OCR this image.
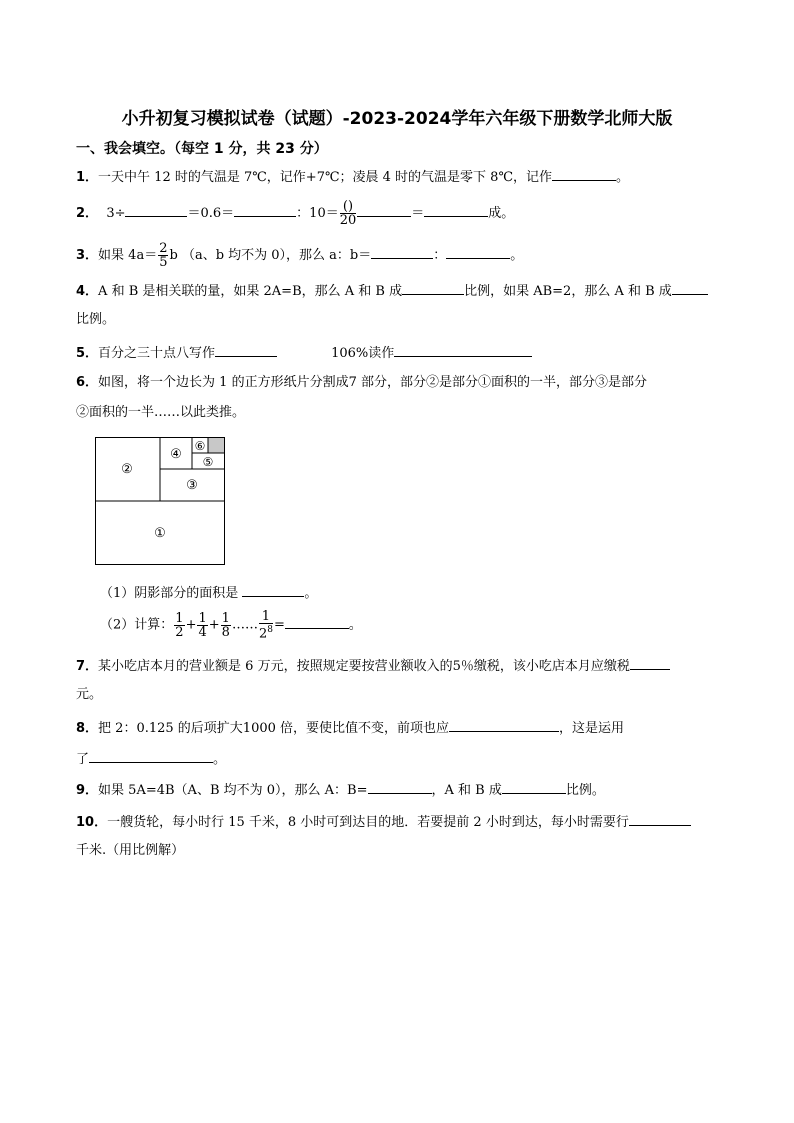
小升初复习模拟试卷（试题）-2023-2024学年六年级下册数学北师大版
一、我会填空。（每空 1 分，共 23 分）
1．一天中午 12 时的气温是 7℃，记作+7℃；凌晨 4 时的气温是零下 8℃，记作	。
2． 3÷	＝0.6＝	：$10= \frac{()}{20}$	＝	成。
3．如果 $4a= \frac{2}{5}$ b （a、b 均不为 0），那么 a：b＝	：	。
4．A 和 B 是相关联的量，如果 2A=B，那么 A 和 B 成	比例，如果 AB=2，那么 A 和 B 成
比例。
5．百分之三十点八写作	106%读作
6．如图，将一个边长为 1 的正方形纸片分割成7 部分，部分②是部分①面积的一半，部分③是部分
②面积的一半……以此类推。
①
②
③
④ ⑤
⑥
（1）阴影部分的面积是	。
（2）计算： $\frac{1}{2} + \frac{1}{4} + \frac{1}{8}$ …… $\frac{1}{2^8}$ =	。
7．某小吃店本月的营业额是 6 万元，按照规定要按营业额收入的5％缴税，该小吃店本月应缴税
元。
8．把 2：0.125 的后项扩大1000 倍，要使比值不变，前项也应	，这是运用
了	。
9．如果 5A=4B（A、B 均不为 0），那么 A：B=	，A 和 B 成	比例。
10．一艘货轮，每小时行 15 千米，8 小时可到达目的地．若要提前 2 小时到达，每小时需要行
千米.（用比例解）
